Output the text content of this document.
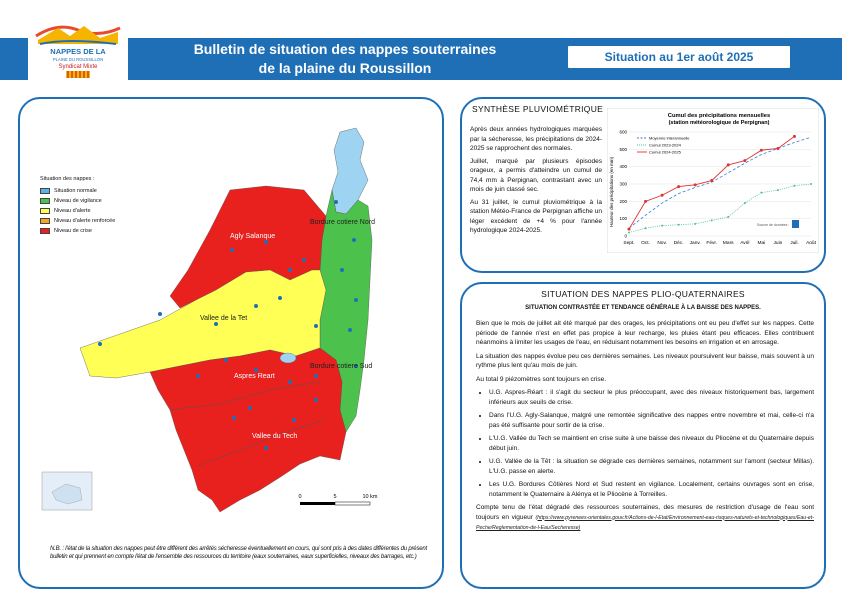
NAPPES DE LA
PLAINE DU ROUSSILLON
Syndicat Mixte
Bulletin de situation des nappes souterraines
de la plaine du Roussillon
Situation au 1er août 2025
Agly Salanque
Bordure cotiere Nord
Vallee de la Tet
Bordure cotiere Sud
Aspres Reart
Vallee du Tech
0	5	10 km
Situation des nappes :
Situation normale
Niveau de vigilance
Niveau d'alerte
Niveau d'alerte renforcée
Niveau de crise
N.B. : l'état de la situation des nappes peut être différent des arrêtés sécheresse éventuellement en cours, qui sont pris à des dates différentes du présent bulletin et qui prennent en compte l'état de l'ensemble des ressources du territoire (eaux souterraines, eaux superficielles, niveaux des barrages, etc.)
SYNTHÈSE PLUVIOMÉTRIQUE

Après deux années hydrologiques marquées par la sécheresse, les précipitations de 2024-2025 se rapprochent des normales.

Juillet, marqué par plusieurs épisodes orageux, a permis d'atteindre un cumul de 74,4 mm à Perpignan, contrastant avec un mois de juin classé sec.

Au 31 juillet, le cumul pluviométrique à la station Météo-France de Perpignan affiche un léger excédent de +4 % pour l'année hydrologique 2024-2025.

Cumul des précipitations mensuelles
(station météorologique de Perpignan)
Hauteur des précipitations (en mm)
0
100
200
300
400
500
600
Sept. Oct. Nov. Déc. Janv. Févr. Mars Avril Mai Juin Juil. Août
Moyenne interannuelle
Cumul 2023-2024
Cumul 2024-2025
Source de données :
SITUATION DES NAPPES PLIO-QUATERNAIRES
SITUATION CONTRASTÉE ET TENDANCE GÉNÉRALE À LA BAISSE DES NAPPES.

Bien que le mois de juillet ait été marqué par des orages, les précipitations ont eu peu d'effet sur les nappes. Cette période de l'année n'est en effet pas propice à leur recharge, les pluies étant peu efficaces. Elles contribuent néanmoins à limiter les usages de l'eau, en réduisant notamment les besoins en irrigation et en arrosage.

La situation des nappes évolue peu ces dernières semaines. Les niveaux poursuivent leur baisse, mais souvent à un rythme plus lent qu'au mois de juin.

Au total 9 piézomètres sont toujours en crise.

• U.G. Aspres-Réart : il s'agit du secteur le plus préoccupant, avec des niveaux historiquement bas, largement inférieurs aux seuils de crise.
• Dans l'U.G. Agly-Salanque, malgré une remontée significative des nappes entre novembre et mai, celle-ci n'a pas été suffisante pour sortir de la crise.
• L'U.G. Vallée du Tech se maintient en crise suite à une baisse des niveaux du Pliocène et du Quaternaire depuis début juin.
• U.G. Vallée de la Têt : la situation se dégrade ces dernières semaines, notamment sur l'amont (secteur Millas). L'U.G. passe en alerte.
• Les U.G. Bordures Côtières Nord et Sud restent en vigilance. Localement, certains ouvrages sont en crise, notamment le Quaternaire à Alénya et le Pliocène à Torreilles.

Compte tenu de l'état dégradé des ressources souterraines, des mesures de restriction d'usage de l'eau sont toujours en vigueur (https://www.pyrenees-orientales.gouv.fr/Actions-de-l-Etat/Environnement-eau-risques-naturels-et-technologiques/Eau-et-Peche/Reglementation-de-l-Eau/Secheresse)
